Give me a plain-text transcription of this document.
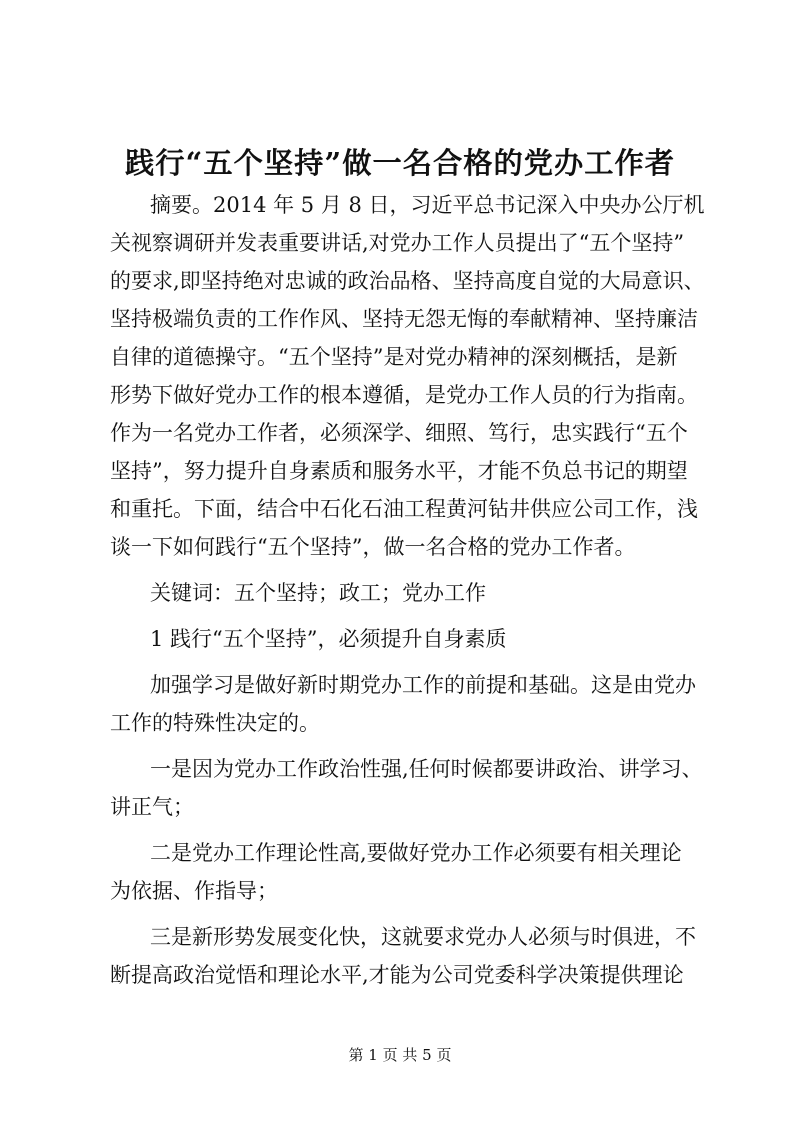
践行“五个坚持”做一名合格的党办工作者
摘要。2014 年 5 月 8 日，习近平总书记深入中央办公厅机
关视察调研并发表重要讲话,对党办工作人员提出了“五个坚持”
的要求,即坚持绝对忠诚的政治品格、坚持高度自觉的大局意识、
坚持极端负责的工作作风、坚持无怨无悔的奉献精神、坚持廉洁
自律的道德操守。“五个坚持”是对党办精神的深刻概括，是新
形势下做好党办工作的根本遵循，是党办工作人员的行为指南。
作为一名党办工作者，必须深学、细照、笃行，忠实践行“五个
坚持”，努力提升自身素质和服务水平，才能不负总书记的期望
和重托。下面，结合中石化石油工程黄河钻井供应公司工作，浅
谈一下如何践行“五个坚持”，做一名合格的党办工作者。
关键词：五个坚持；政工；党办工作
1 践行“五个坚持”，必须提升自身素质
加强学习是做好新时期党办工作的前提和基础。这是由党办
工作的特殊性决定的。
一是因为党办工作政治性强,任何时候都要讲政治、讲学习、
讲正气；
二是党办工作理论性高,要做好党办工作必须要有相关理论
为依据、作指导；
三是新形势发展变化快，这就要求党办人必须与时俱进，不
断提高政治觉悟和理论水平,才能为公司党委科学决策提供理论
第 1 页 共 5 页
